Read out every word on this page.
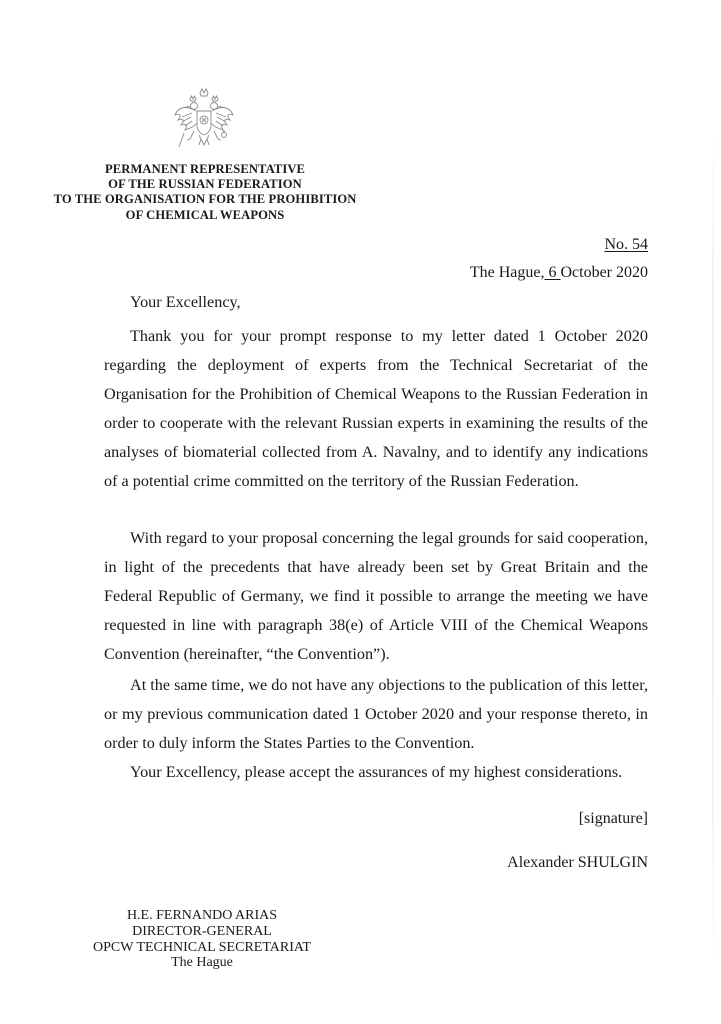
PERMANENT REPRESENTATIVE
OF THE RUSSIAN FEDERATION
TO THE ORGANISATION FOR THE PROHIBITION
OF CHEMICAL WEAPONS
No. 54
The Hague, 6 October 2020
Your Excellency,

Thank you for your prompt response to my letter dated 1 October 2020 regarding the deployment of experts from the Technical Secretariat of the Organisation for the Prohibition of Chemical Weapons to the Russian Federation in order to cooperate with the relevant Russian experts in examining the results of the analyses of biomaterial collected from A. Navalny, and to identify any indications of a potential crime committed on the territory of the Russian Federation.

With regard to your proposal concerning the legal grounds for said cooperation, in light of the precedents that have already been set by Great Britain and the Federal Republic of Germany, we find it possible to arrange the meeting we have requested in line with paragraph 38(e) of Article VIII of the Chemical Weapons Convention (hereinafter, “the Convention”).

At the same time, we do not have any objections to the publication of this letter, or my previous communication dated 1 October 2020 and your response thereto, in order to duly inform the States Parties to the Convention.

Your Excellency, please accept the assurances of my highest considerations.

[signature]
Alexander SHULGIN
H.E. FERNANDO ARIAS
DIRECTOR-GENERAL
OPCW TECHNICAL SECRETARIAT
The Hague
